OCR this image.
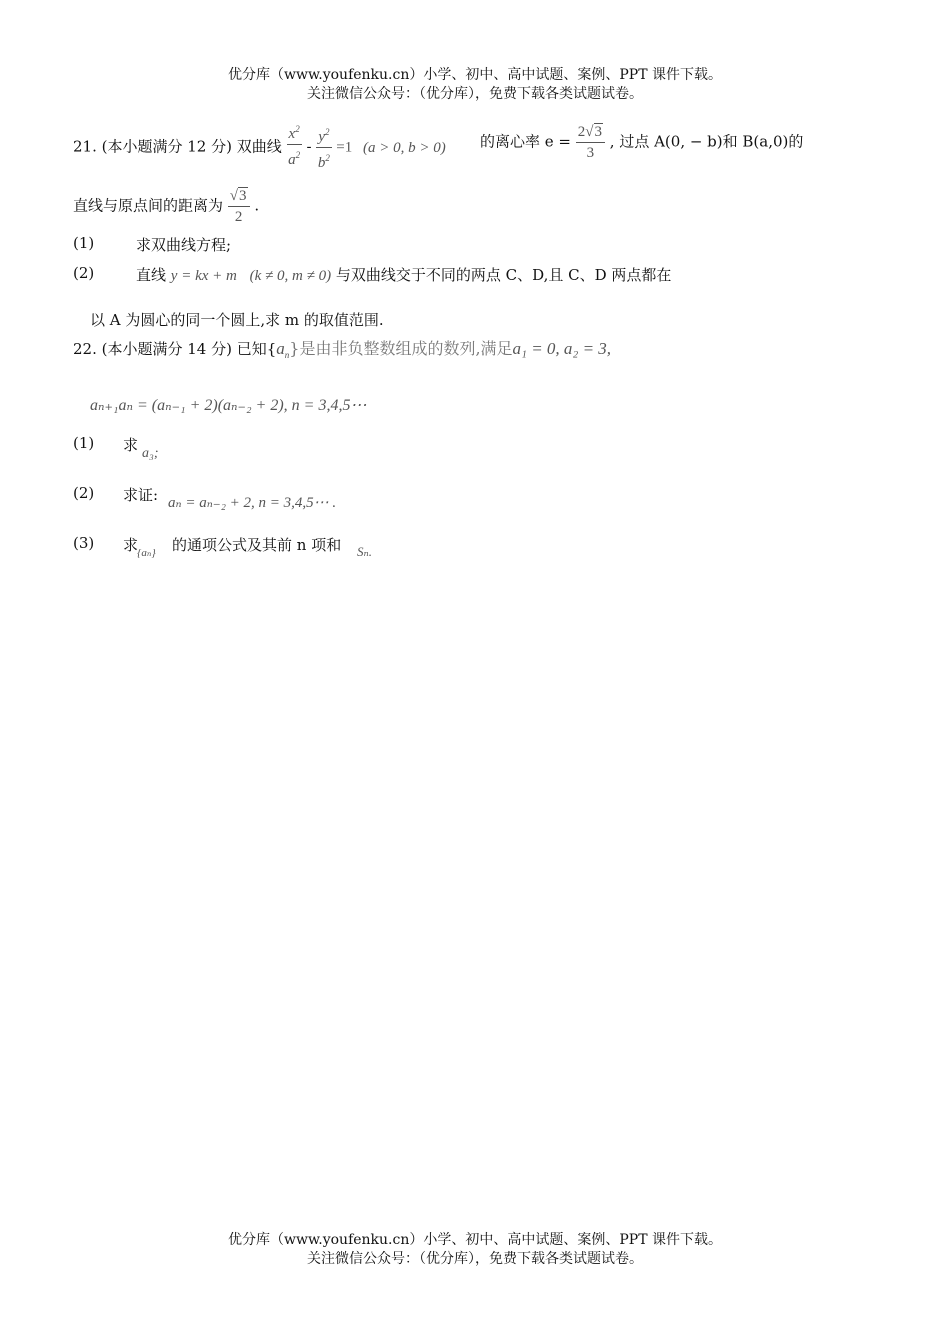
优分库（www.youfenku.cn）小学、初中、高中试题、案例、PPT 课件下载。
关注微信公众号：（优分库），免费下载各类试题试卷。
21. (本小题满分 12 分) 双曲线 $\frac{x^2}{a^2} - \frac{y^2}{b^2} =1$ (a > 0, b > 0) 的离心率 $e = \frac{2√3}{3}$ , 过点 A(0, − b)和 B(a,0)的
直线与原点间的距离为 $\frac{√3}{2}$ .
(1)	求双曲线方程;
(2)	直线 y = kx + m (k ≠ 0, m ≠ 0) 与双曲线交于不同的两点 C、D,且 C、D 两点都在
以 A 为圆心的同一个圆上,求 m 的取值范围.
22. (本小题满分 14 分) 已知$\{a_n\}$是由非负整数组成的数列,满足a₁ = 0, a₂ = 3,
aₙ₊₁aₙ = (aₙ₋₁ + 2)(aₙ₋₂ + 2), n = 3,4,5⋯
(1) 求 a₃;
(2) 求证: aₙ = aₙ₋₂ + 2, n = 3,4,5⋯ .
(3) 求
{aₙ} 的通项公式及其前 n 项和 Sₙ.
优分库（www.youfenku.cn）小学、初中、高中试题、案例、PPT 课件下载。
关注微信公众号：（优分库），免费下载各类试题试卷。
